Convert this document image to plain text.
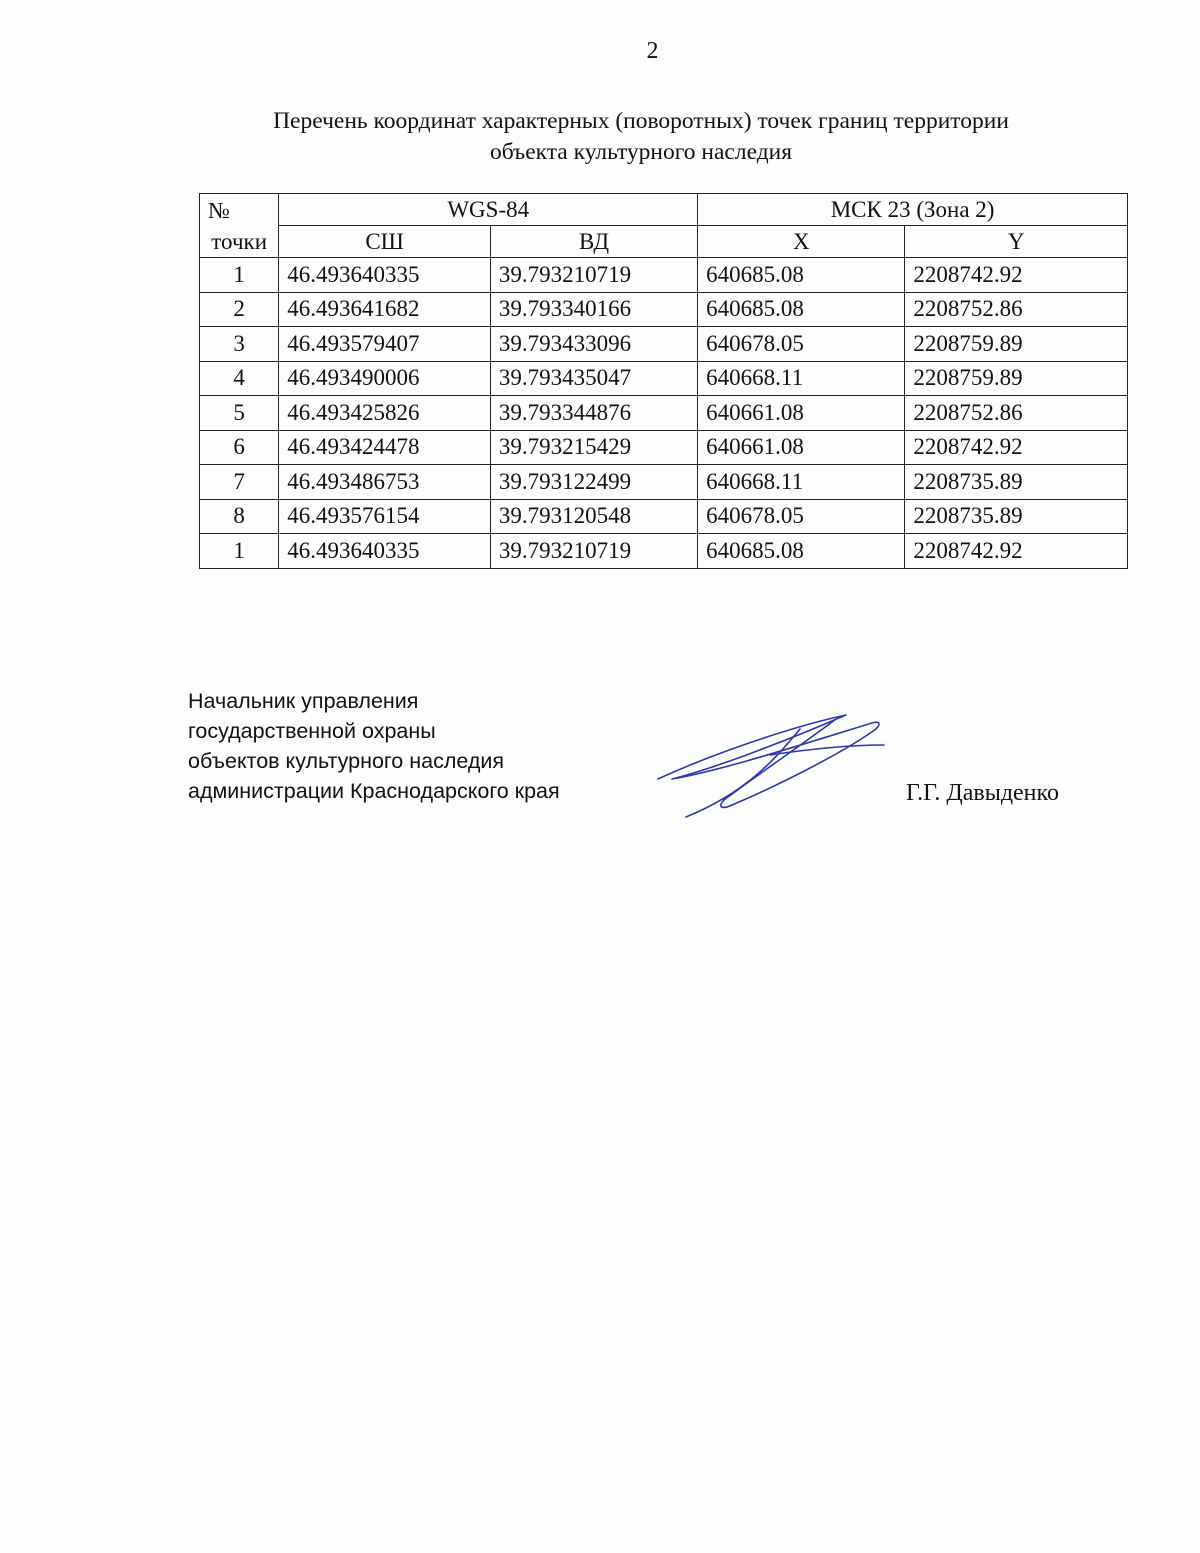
2
Перечень координат характерных (поворотных) точек границ территории
объекта культурного наследия
№
точки	WGS-84		МСК 23 (Зона 2)	
	СШ	ВД	X	Y
1	46.493640335	39.793210719	640685.08	2208742.92
2	46.493641682	39.793340166	640685.08	2208752.86
3	46.493579407	39.793433096	640678.05	2208759.89
4	46.493490006	39.793435047	640668.11	2208759.89
5	46.493425826	39.793344876	640661.08	2208752.86
6	46.493424478	39.793215429	640661.08	2208742.92
7	46.493486753	39.793122499	640668.11	2208735.89
8	46.493576154	39.793120548	640678.05	2208735.89
1	46.493640335	39.793210719	640685.08	2208742.92
Начальник управления
государственной охраны
объектов культурного наследия
администрации Краснодарского края	Г.Г. Давыденко
